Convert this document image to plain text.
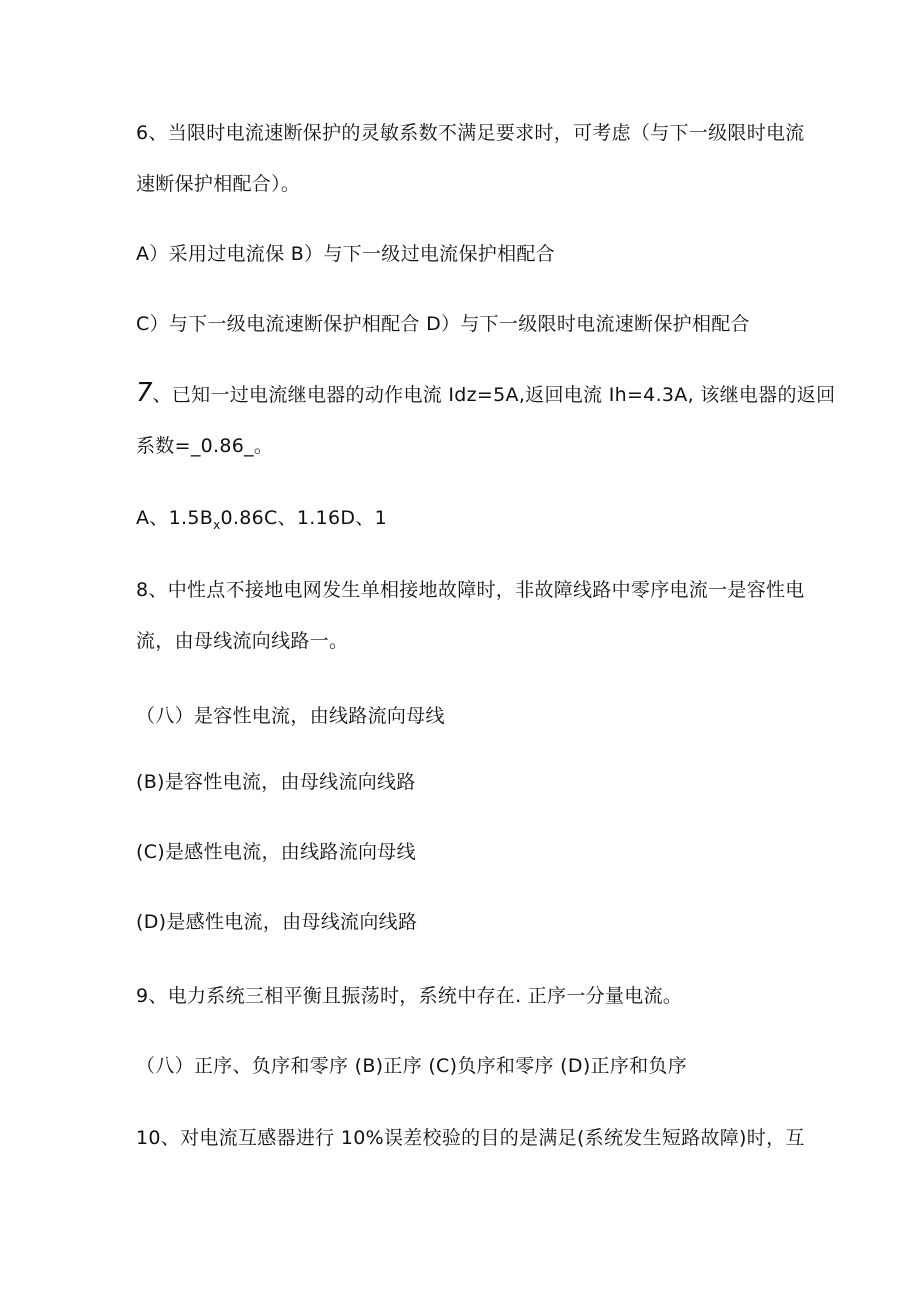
6、当限时电流速断保护的灵敏系数不满足要求时，可考虑（与下一级限时电流
速断保护相配合）。
A）采用过电流保 B）与下一级过电流保护相配合
C）与下一级电流速断保护相配合 D）与下一级限时电流速断保护相配合
7、已知一过电流继电器的动作电流 Idz=5A,返回电流 Ih=4.3A, 该继电器的返回
系数=_0.86_。
A、$1.5B_x0.86C$、1.16D、1
8、中性点不接地电网发生单相接地故障时，非故障线路中零序电流一是容性电
流，由母线流向线路一。
（八）是容性电流，由线路流向母线
(B)是容性电流，由母线流向线路
(C)是感性电流，由线路流向母线
(D)是感性电流，由母线流向线路
9、电力系统三相平衡且振荡时，系统中存在. 正序一分量电流。
（八）正序、负序和零序 (B)正序 (C)负序和零序 (D)正序和负序
10、对电流互感器进行 10%误差校验的目的是满足(系统发生短路故障)时，互
